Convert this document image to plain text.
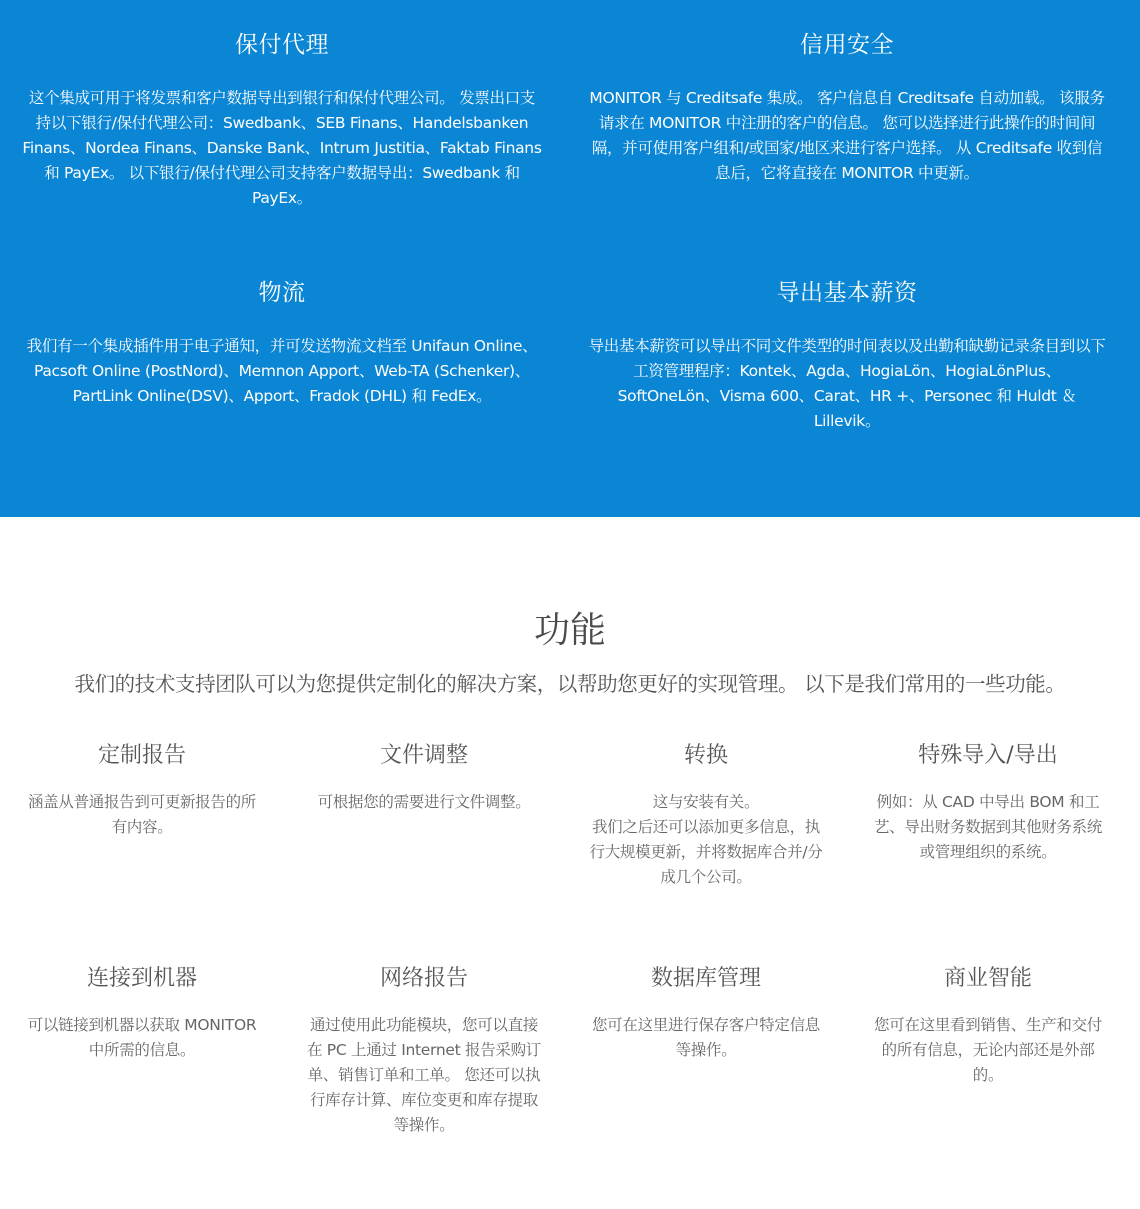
保付代理

这个集成可用于将发票和客户数据导出到银行和保付代理公司。 发票出口支持以下银行/保付代理公司：Swedbank、SEB Finans、Handelsbanken Finans、Nordea Finans、Danske Bank、Intrum Justitia、Faktab Finans 和 PayEx。 以下银行/保付代理公司支持客户数据导出：Swedbank 和 PayEx。

信用安全

MONITOR 与 Creditsafe 集成。 客户信息自 Creditsafe 自动加载。 该服务请求在 MONITOR 中注册的客户的信息。 您可以选择进行此操作的时间间隔，并可使用客户组和/或国家/地区来进行客户选择。 从 Creditsafe 收到信息后，它将直接在 MONITOR 中更新。

物流

我们有一个集成插件用于电子通知，并可发送物流文档至 Unifaun Online、Pacsoft Online (PostNord)、Memnon Apport、Web-TA (Schenker)、PartLink Online(DSV)、Apport、Fradok (DHL) 和 FedEx。

导出基本薪资

导出基本薪资可以导出不同文件类型的时间表以及出勤和缺勤记录条目到以下工资管理程序：Kontek、Agda、HogiaLön、HogiaLönPlus、SoftOneLön、Visma 600、Carat、HR +、Personec 和 Huldt ＆Lillevik。

功能

我们的技术支持团队可以为您提供定制化的解决方案，以帮助您更好的实现管理。 以下是我们常用的一些功能。

定制报告

涵盖从普通报告到可更新报告的所有内容。

文件调整

可根据您的需要进行文件调整。

转换

这与安装有关。
我们之后还可以添加更多信息，执行大规模更新，并将数据库合并/分成几个公司。

特殊导入/导出

例如：从 CAD 中导出 BOM 和工艺、导出财务数据到其他财务系统或管理组织的系统。

连接到机器

可以链接到机器以获取 MONITOR 中所需的信息。

网络报告

通过使用此功能模块，您可以直接在 PC 上通过 Internet 报告采购订单、销售订单和工单。 您还可以执行库存计算、库位变更和库存提取等操作。

数据库管理

您可在这里进行保存客户特定信息等操作。

商业智能

您可在这里看到销售、生产和交付的所有信息，无论内部还是外部的。
